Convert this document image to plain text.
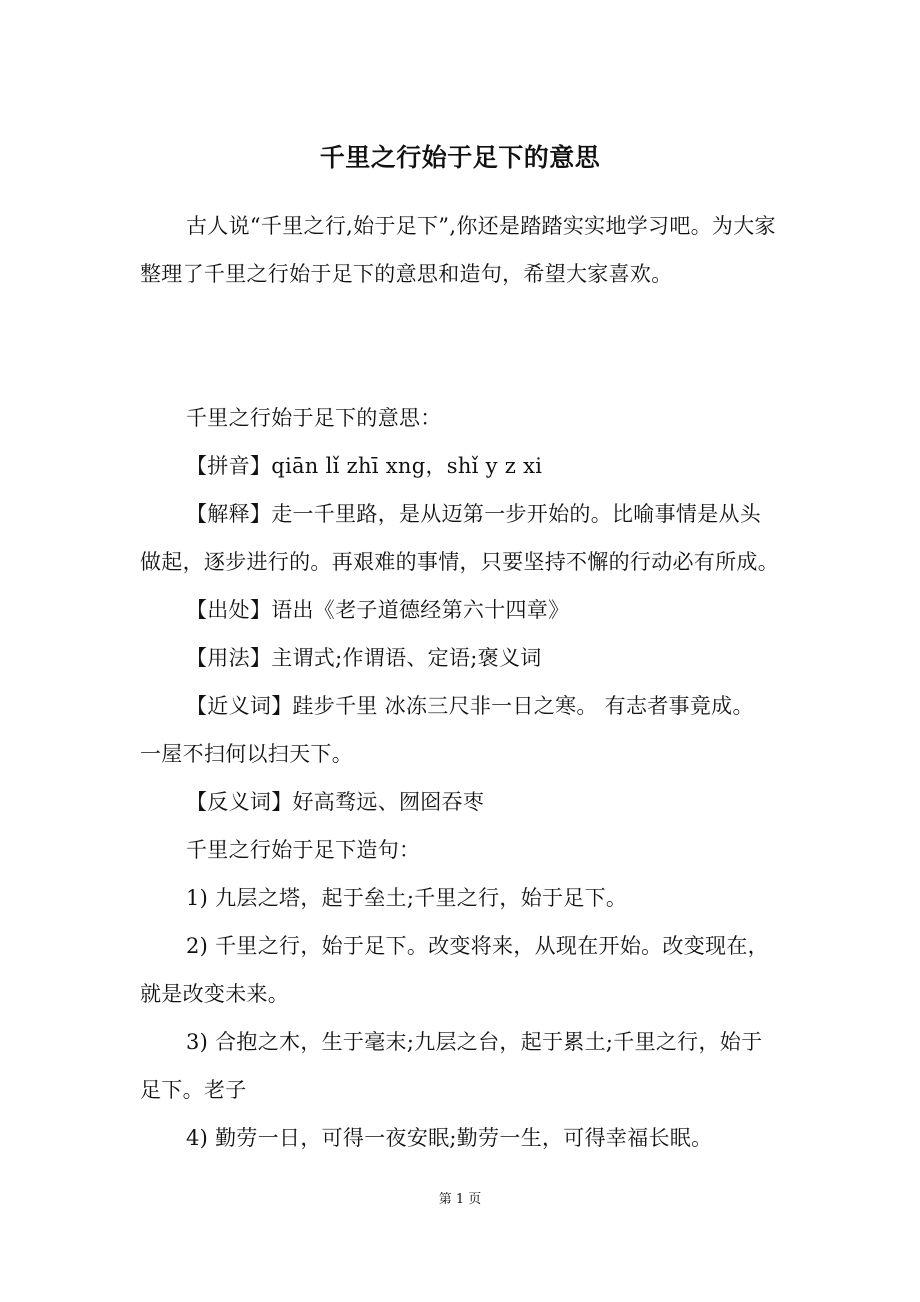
千里之行始于足下的意思

古人说“千里之行,始于足下”,你还是踏踏实实地学习吧。为大家整理了千里之行始于足下的意思和造句，希望大家喜欢。

千里之行始于足下的意思：

【拼音】qiān lǐ zhī xng，shǐ y z xi

【解释】走一千里路，是从迈第一步开始的。比喻事情是从头做起，逐步进行的。再艰难的事情，只要坚持不懈的行动必有所成。

【出处】语出《老子道德经第六十四章》

【用法】主谓式;作谓语、定语;褒义词

【近义词】跬步千里 冰冻三尺非一日之寒。 有志者事竟成。 一屋不扫何以扫天下。

【反义词】好高骛远、囫囵吞枣

千里之行始于足下造句：

1) 九层之塔，起于垒土;千里之行，始于足下。

2) 千里之行，始于足下。改变将来，从现在开始。改变现在，就是改变未来。

3) 合抱之木，生于毫末;九层之台，起于累土;千里之行，始于足下。老子

4) 勤劳一日，可得一夜安眠;勤劳一生，可得幸福长眠。

第 1 页
